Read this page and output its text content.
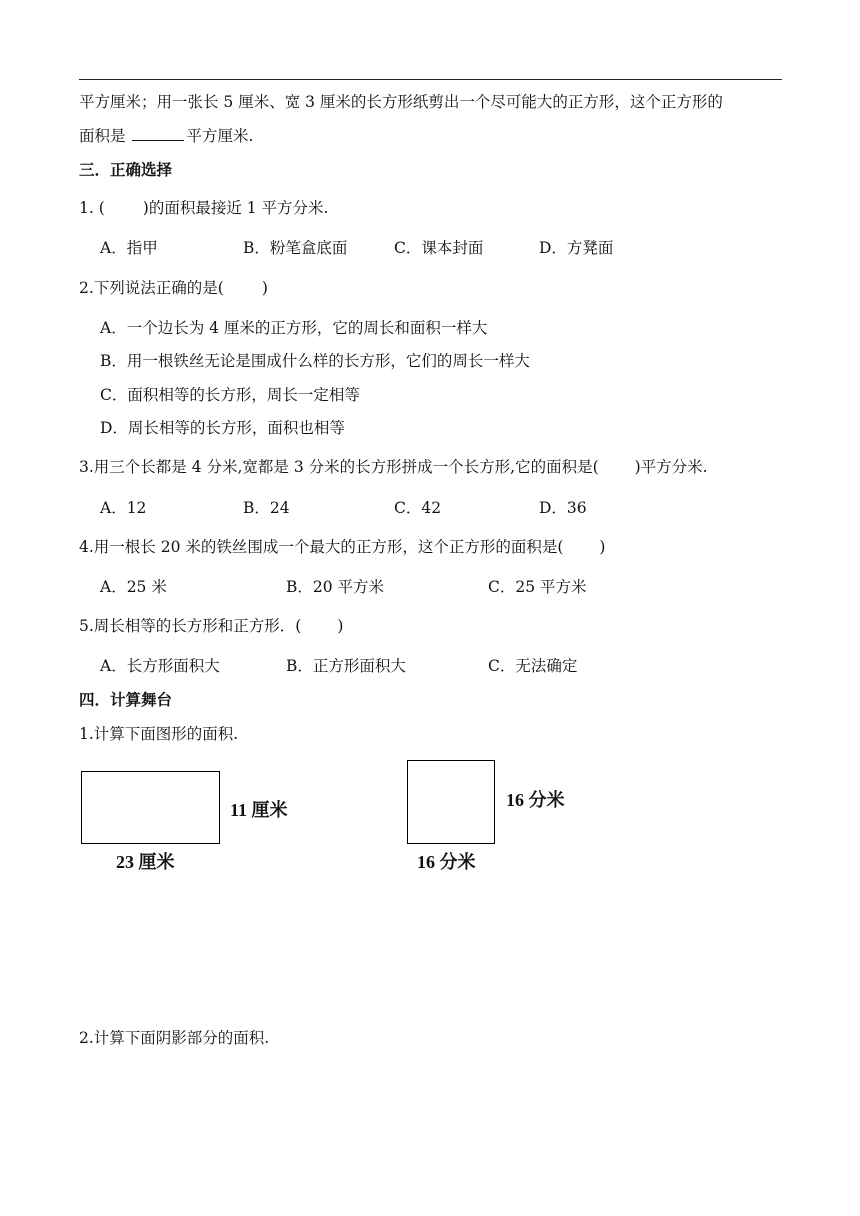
平方厘米；用一张长 5 厘米、宽 3 厘米的长方形纸剪出一个尽可能大的正方形，这个正方形的
面积是	平方厘米.
三．正确选择
1. ( )的面积最接近 1 平方分米.
A．指甲	B．粉笔盒底面	C．课本封面	D．方凳面
2.下列说法正确的是( )
A．一个边长为 4 厘米的正方形，它的周长和面积一样大
B．用一根铁丝无论是围成什么样的长方形，它们的周长一样大
C．面积相等的长方形，周长一定相等
D．周长相等的长方形，面积也相等
3.用三个长都是 4 分米,宽都是 3 分米的长方形拼成一个长方形,它的面积是( )平方分米.
A．12	B．24	C．42	D．36
4.用一根长 20 米的铁丝围成一个最大的正方形，这个正方形的面积是( )
A．25 米	B．20 平方米	C．25 平方米
5.周长相等的长方形和正方形．( )
A．长方形面积大	B．正方形面积大	C．无法确定
四．计算舞台
1.计算下面图形的面积.
11 厘米
23 厘米
16 分米
16 分米
2.计算下面阴影部分的面积.
